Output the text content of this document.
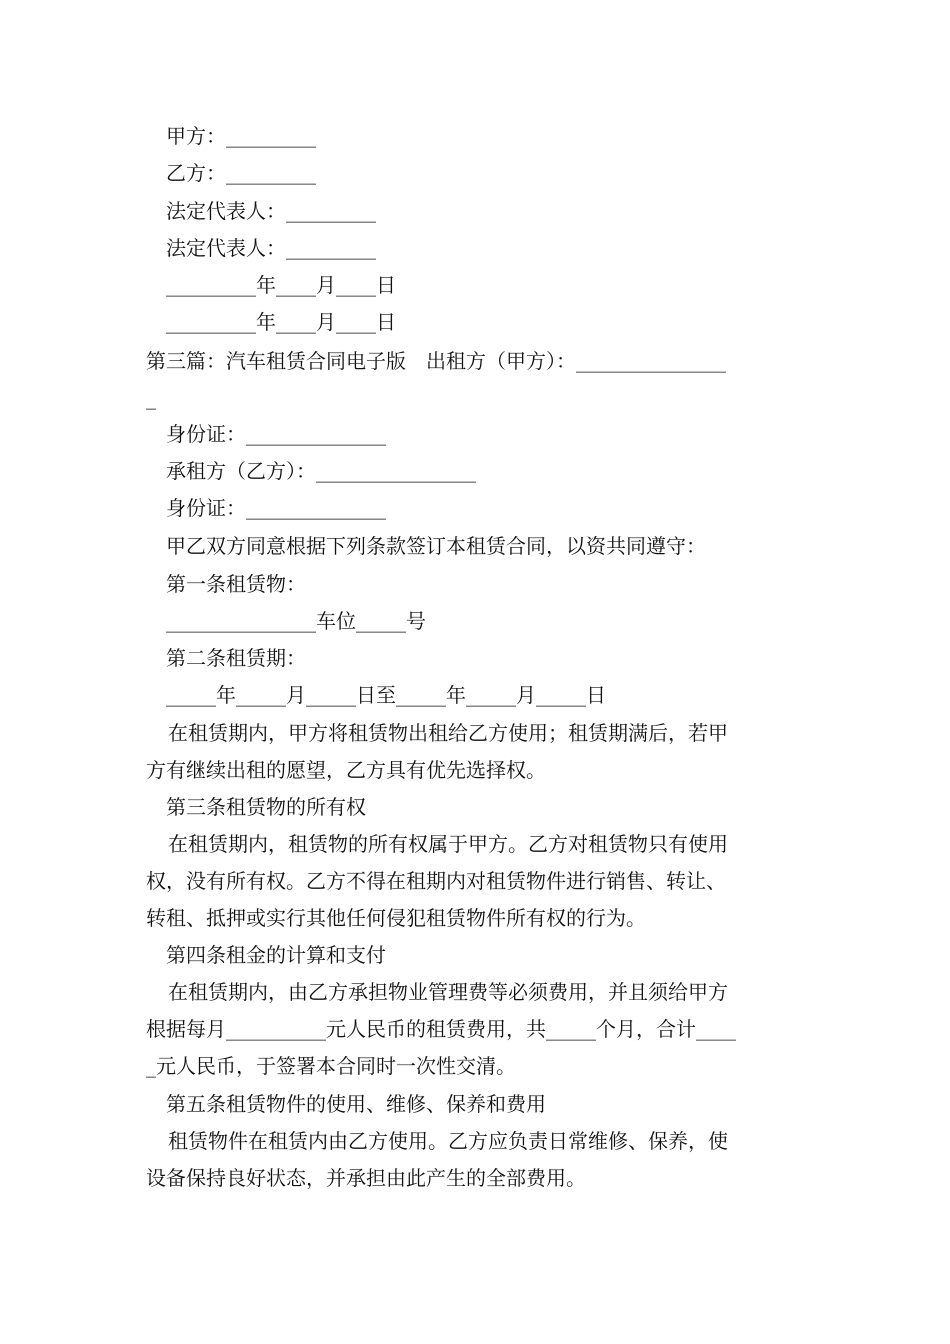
甲方：_________

乙方：_________

法定代表人：_________

法定代表人：_________

_________年____月____日

_________年____月____日

第三篇：汽车租赁合同电子版　出租方（甲方）：_______________

_

身份证：______________

承租方（乙方）：________________

身份证：______________

甲乙双方同意根据下列条款签订本租赁合同，以资共同遵守：

第一条租赁物：

_______________车位_____号

第二条租赁期：

_____年_____月_____日至_____年_____月_____日

在租赁期内，甲方将租赁物出租给乙方使用；租赁期满后，若甲

方有继续出租的愿望，乙方具有优先选择权。

第三条租赁物的所有权

在租赁期内，租赁物的所有权属于甲方。乙方对租赁物只有使用

权，没有所有权。乙方不得在租期内对租赁物件进行销售、转让、

转租、抵押或实行其他任何侵犯租赁物件所有权的行为。

第四条租金的计算和支付

在租赁期内，由乙方承担物业管理费等必须费用，并且须给甲方

根据每月__________元人民币的租赁费用，共_____个月，合计____

_元人民币，于签署本合同时一次性交清。

第五条租赁物件的使用、维修、保养和费用

租赁物件在租赁内由乙方使用。乙方应负责日常维修、保养，使

设备保持良好状态，并承担由此产生的全部费用。
